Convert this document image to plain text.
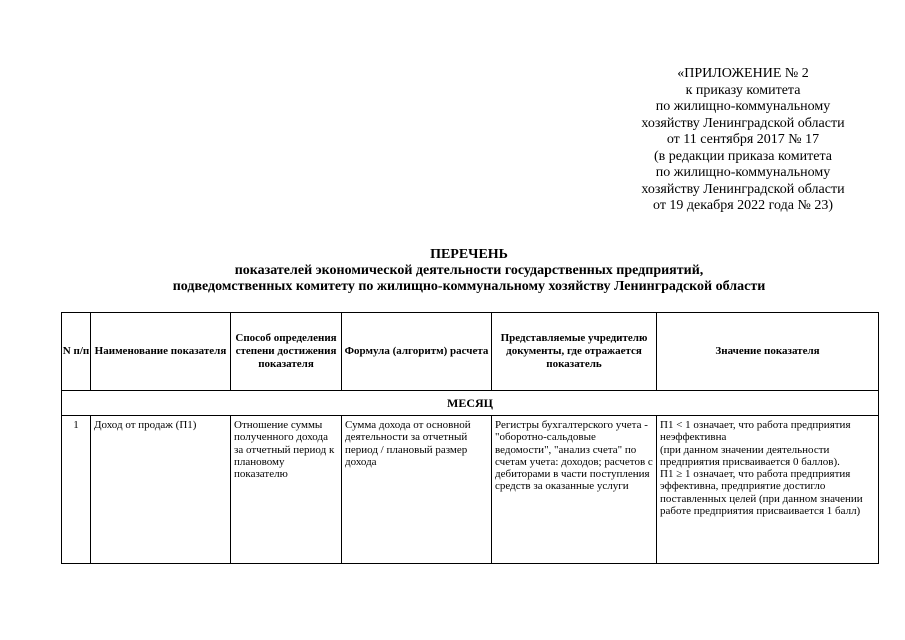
«ПРИЛОЖЕНИЕ № 2
к приказу комитета
по жилищно-коммунальному
хозяйству Ленинградской области
от 11 сентября 2017 № 17
(в редакции приказа комитета
по жилищно-коммунальному
хозяйству Ленинградской области
от 19 декабря 2022 года № 23)
ПЕРЕЧЕНЬ
показателей экономической деятельности государственных предприятий,
подведомственных комитету по жилищно-коммунальному хозяйству Ленинградской области
N п/п	Наименование показателя	Способ определения степени достижения показателя	Формула (алгоритм) расчета	Представляемые учредителю документы, где отражается показатель	Значение показателя
МЕСЯЦ					
1	Доход от продаж (П1)	Отношение суммы полученного дохода за отчетный период к плановому показателю	Сумма дохода от основной деятельности за отчетный период / плановый размер дохода	Регистры бухгалтерского учета - "оборотно-сальдовые ведомости", "анализ счета" по счетам учета: доходов; расчетов с дебиторами в части поступления средств за оказанные услуги	П1 < 1 означает, что работа предприятия неэффективна
(при данном значении деятельности предприятия присваивается 0 баллов).
П1 ≥ 1 означает, что работа предприятия эффективна, предприятие достигло поставленных целей (при данном значении работе предприятия присваивается 1 балл)
